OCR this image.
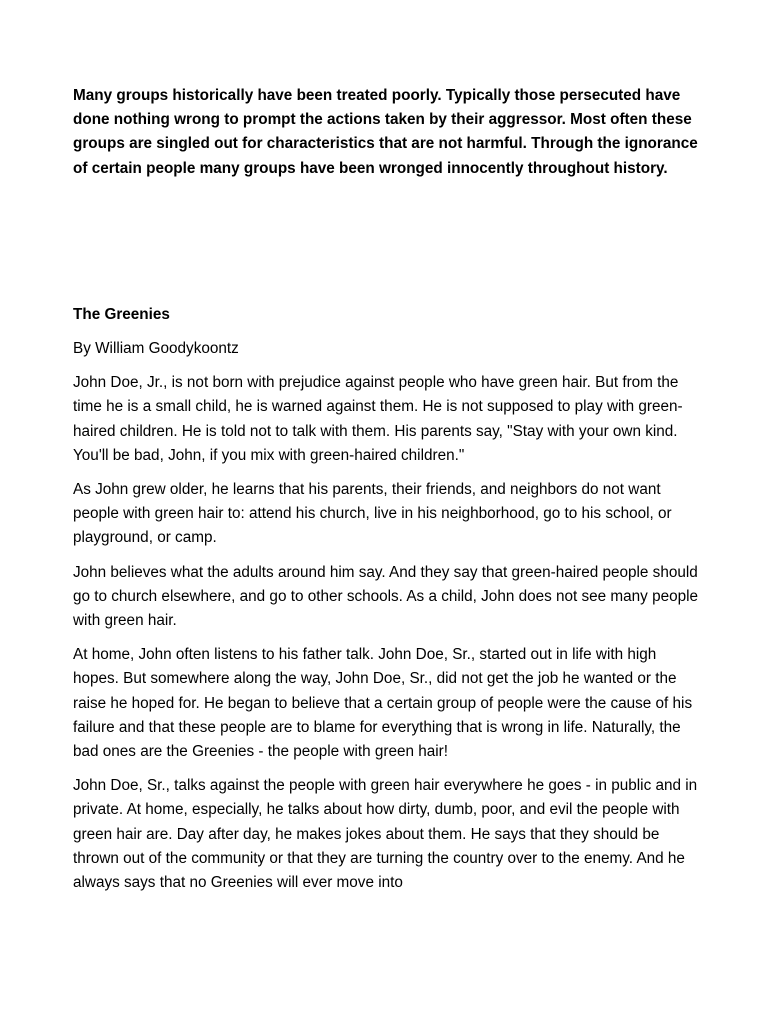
Many groups historically have been treated poorly. Typically those persecuted have done nothing wrong to prompt the actions taken by their aggressor. Most often these groups are singled out for characteristics that are not harmful. Through the ignorance of certain people many groups have been wronged innocently throughout history.

The Greenies

By William Goodykoontz

John Doe, Jr., is not born with prejudice against people who have green hair. But from the time he is a small child, he is warned against them. He is not supposed to play with green-haired children. He is told not to talk with them. His parents say, "Stay with your own kind. You'll be bad, John, if you mix with green-haired children."

As John grew older, he learns that his parents, their friends, and neighbors do not want people with green hair to: attend his church, live in his neighborhood, go to his school, or playground, or camp.

John believes what the adults around him say. And they say that green-haired people should go to church elsewhere, and go to other schools. As a child, John does not see many people with green hair.

At home, John often listens to his father talk. John Doe, Sr., started out in life with high hopes. But somewhere along the way, John Doe, Sr., did not get the job he wanted or the raise he hoped for. He began to believe that a certain group of people were the cause of his failure and that these people are to blame for everything that is wrong in life. Naturally, the bad ones are the Greenies - the people with green hair!

John Doe, Sr., talks against the people with green hair everywhere he goes - in public and in private. At home, especially, he talks about how dirty, dumb, poor, and evil the people with green hair are. Day after day, he makes jokes about them. He says that they should be thrown out of the community or that they are turning the country over to the enemy. And he always says that no Greenies will ever move into
